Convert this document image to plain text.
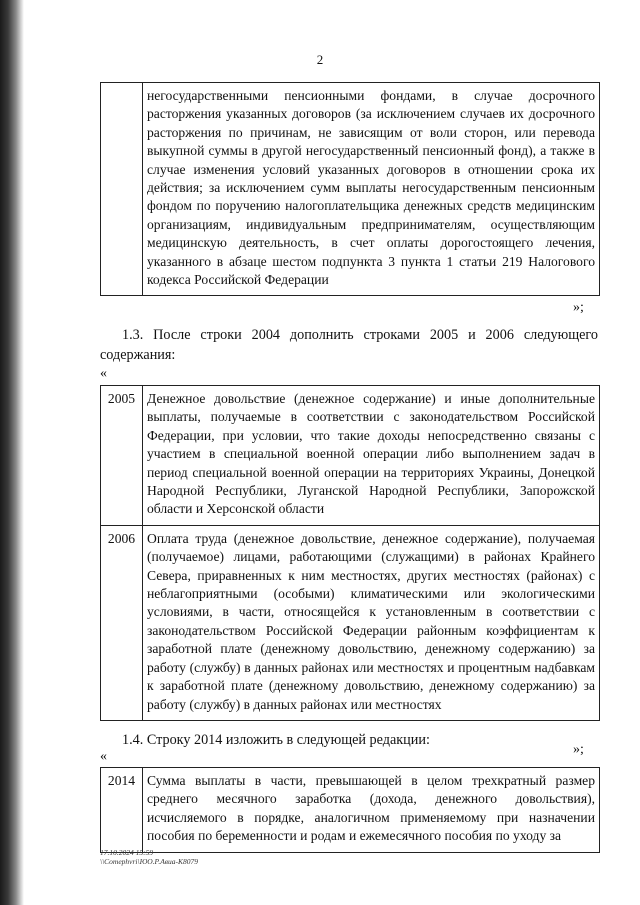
2
	негосударственными пенсионными фондами, в случае досрочного расторжения указанных договоров (за исключением случаев их досрочного расторжения по причинам, не зависящим от воли сторон, или перевода выкупной суммы в другой негосударственный пенсионный фонд), а также в случае изменения условий указанных договоров в отношении срока их действия; за исключением сумм выплаты негосударственным пенсионным фондом по поручению налогоплательщика денежных средств медицинским организациям, индивидуальным предпринимателям, осуществляющим медицинскую деятельность, в счет оплаты дорогостоящего лечения, указанного в абзаце шестом подпункта 3 пункта 1 статьи 219 Налогового кодекса Российской Федерации
»;
1.3. После строки 2004 дополнить строками 2005 и 2006 следующего содержания:
«
2005	Денежное довольствие (денежное содержание) и иные дополнительные выплаты, получаемые в соответствии с законодательством Российской Федерации, при условии, что такие доходы непосредственно связаны с участием в специальной военной операции либо выполнением задач в период специальной военной операции на территориях Украины, Донецкой Народной Республики, Луганской Народной Республики, Запорожской области и Херсонской области
2006	Оплата труда (денежное довольствие, денежное содержание), получаемая (получаемое) лицами, работающими (служащими) в районах Крайнего Севера, приравненных к ним местностях, других местностях (районах) с неблагоприятными (особыми) климатическими или экологическими условиями, в части, относящейся к установленным в соответствии с законодательством Российской Федерации районным коэффициентам к заработной плате (денежному довольствию, денежному содержанию) за работу (службу) в данных районах или местностях и процентным надбавкам к заработной плате (денежному довольствию, денежному содержанию) за работу (службу) в данных районах или местностях
»;
1.4. Строку 2014 изложить в следующей редакции:
«
2014	Сумма выплаты в части, превышающей в целом трехкратный размер среднего месячного заработка (дохода, денежного довольствия), исчисляемого в порядке, аналогичном применяемому при назначении пособия по беременности и родам и ежемесячного пособия по уходу за
17.10.2024 15:59
\\Comephvri\ЮО.Р.Авиа-К8079
